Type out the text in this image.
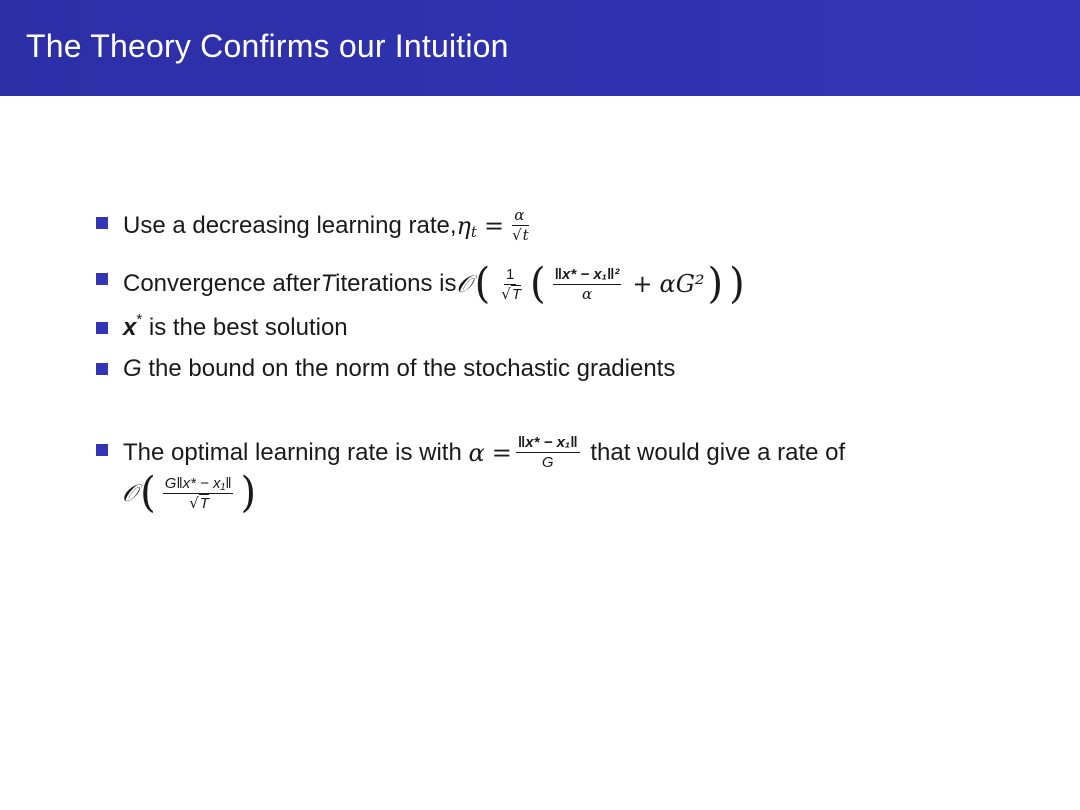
The Theory Confirms our Intuition
Use a decreasing learning rate, η $t = \frac{\alpha}{√t}$
Convergence after T iterations is 𝒪 ( $\frac{1}{√T}$ ( $\frac{\text{‖x* − x₁‖²}}{\alpha} + \alpha G^2$ ) )
x * is the best solution
G the bound on the norm of the stochastic gradients
The optimal learning rate is with $\alpha = \frac{\text{‖x* − x₁‖}}{G}$ that would give a rate of
𝒪 ( $\frac{\text{G‖x* − x₁‖}}{√T}$ )
